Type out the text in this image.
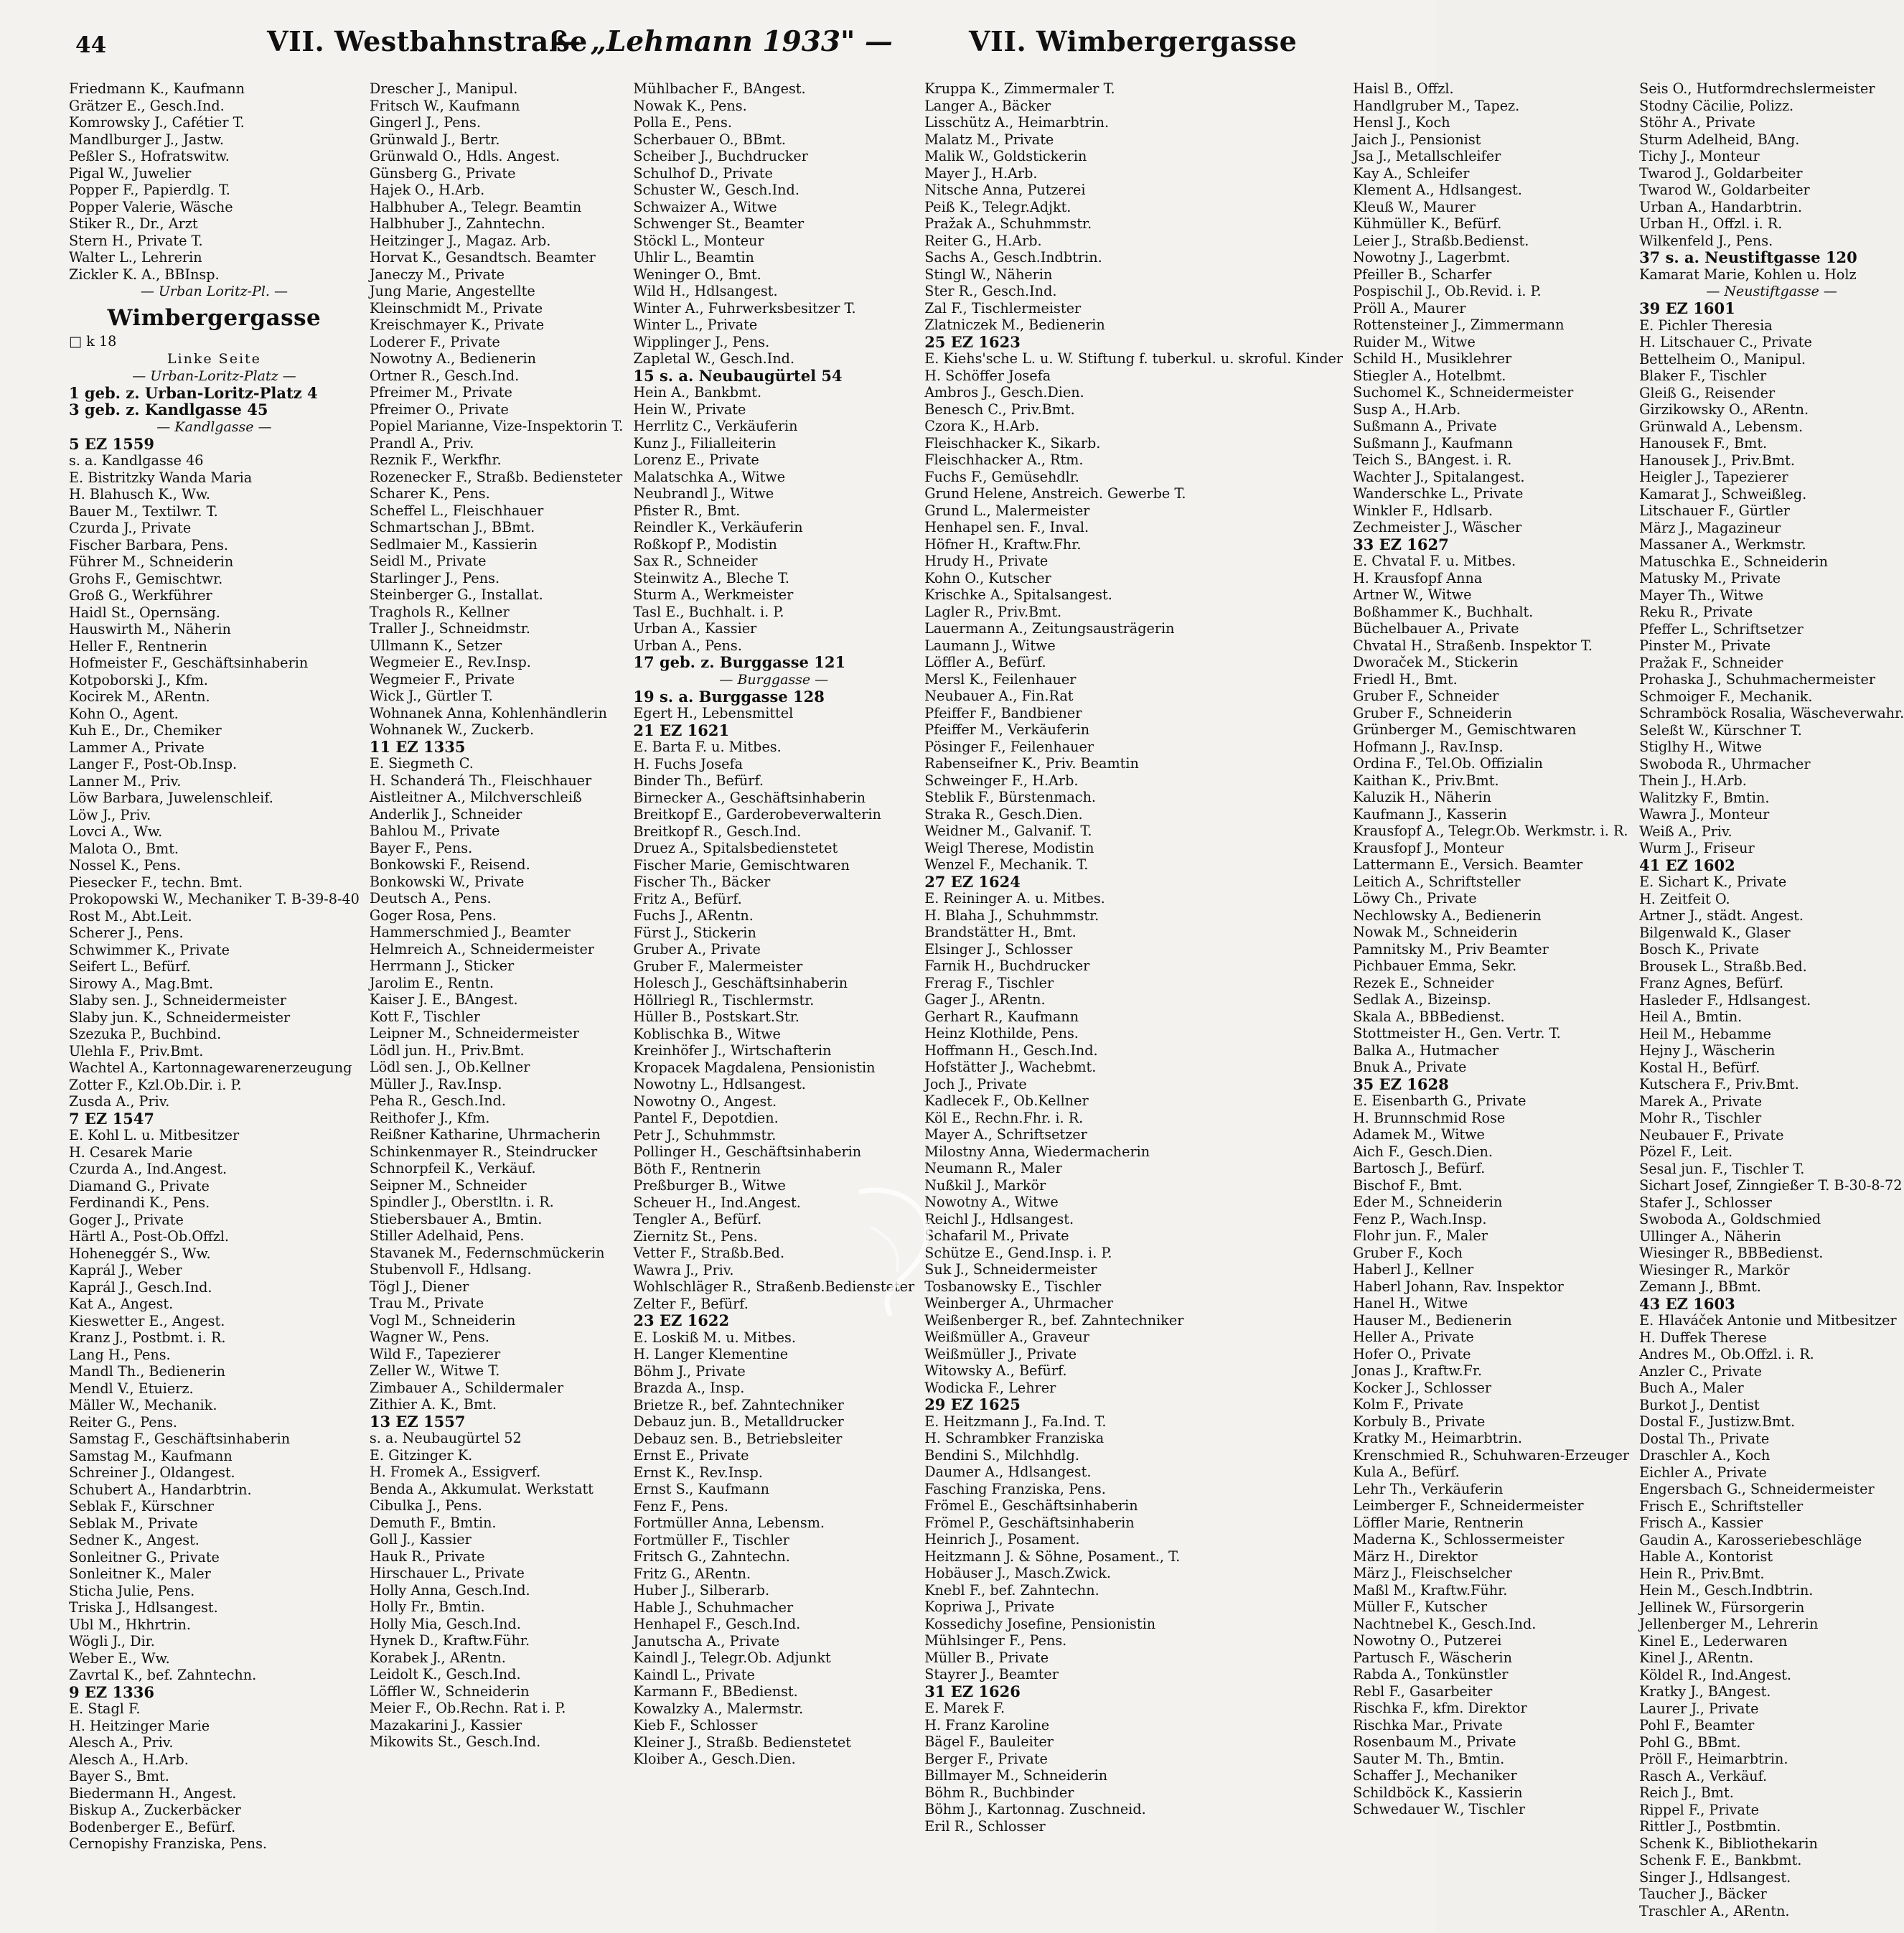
44	VII. Westbahnstraße
— „Lehmann 1933" —	VII. Wimbergergasse
Friedmann K., Kaufmann
Grätzer E., Gesch.Ind.
Komrowsky J., Cafétier T.
Mandlburger J., Jastw.
Peßler S., Hofratswitw.
Pigal W., Juwelier
Popper F., Papierdlg. T.
Popper Valerie, Wäsche
Stiker R., Dr., Arzt
Stern H., Private T.
Walter L., Lehrerin
Zickler K. A., BBInsp.
— Urban Loritz-Pl. —
Wimbergergasse
□ k 18
Linke Seite
— Urban-Loritz-Platz —
1 geb. z. Urban-Loritz-Platz 4
3 geb. z. Kandlgasse 45
— Kandlgasse —
5 EZ 1559
s. a. Kandlgasse 46
E. Bistritzky Wanda Maria
H. Blahusch K., Ww.
Bauer M., Textilwr. T.
Czurda J., Private
Fischer Barbara, Pens.
Führer M., Schneiderin
Grohs F., Gemischtwr.
Groß G., Werkführer
Haidl St., Opernsäng.
Hauswirth M., Näherin
Heller F., Rentnerin
Hofmeister F., Geschäftsinhaberin
Kotpoborski J., Kfm.
Kocirek M., ARentn.
Kohn O., Agent.
Kuh E., Dr., Chemiker
Lammer A., Private
Langer F., Post-Ob.Insp.
Lanner M., Priv.
Löw Barbara, Juwelenschleif.
Löw J., Priv.
Lovci A., Ww.
Malota O., Bmt.
Nossel K., Pens.
Piesecker F., techn. Bmt.
Prokopowski W., Mechaniker T. B-39-8-40
Rost M., Abt.Leit.
Scherer J., Pens.
Schwimmer K., Private
Seifert L., Befürf.
Sirowy A., Mag.Bmt.
Slaby sen. J., Schneidermeister
Slaby jun. K., Schneidermeister
Szezuka P., Buchbind.
Ulehla F., Priv.Bmt.
Wachtel A., Kartonnagewarenerzeugung
Zotter F., Kzl.Ob.Dir. i. P.
Zusda A., Priv.
7 EZ 1547
E. Kohl L. u. Mitbesitzer
H. Cesarek Marie
Czurda A., Ind.Angest.
Diamand G., Private
Ferdinandi K., Pens.
Goger J., Private
Härtl A., Post-Ob.Offzl.
Hoheneggér S., Ww.
Kaprál J., Weber
Kaprál J., Gesch.Ind.
Kat A., Angest.
Kieswetter E., Angest.
Kranz J., Postbmt. i. R.
Lang H., Pens.
Mandl Th., Bedienerin
Mendl V., Etuierz.
Mäller W., Mechanik.
Reiter G., Pens.
Samstag F., Geschäftsinhaberin
Samstag M., Kaufmann
Schreiner J., Oldangest.
Schubert A., Handarbtrin.
Seblak F., Kürschner
Seblak M., Private
Sedner K., Angest.
Sonleitner G., Private
Sonleitner K., Maler
Sticha Julie, Pens.
Triska J., Hdlsangest.
Ubl M., Hkhrtrin.
Wögli J., Dir.
Weber E., Ww.
Zavrtal K., bef. Zahntechn.
9 EZ 1336
E. Stagl F.
H. Heitzinger Marie
Alesch A., Priv.
Alesch A., H.Arb.
Bayer S., Bmt.
Biedermann H., Angest.
Biskup A., Zuckerbäcker
Bodenberger E., Befürf.
Cernopishy Franziska, Pens.
Drescher J., Manipul.
Fritsch W., Kaufmann
Gingerl J., Pens.
Grünwald J., Bertr.
Grünwald O., Hdls. Angest.
Günsberg G., Private
Hajek O., H.Arb.
Halbhuber A., Telegr. Beamtin
Halbhuber J., Zahntechn.
Heitzinger J., Magaz. Arb.
Horvat K., Gesandtsch. Beamter
Janeczy M., Private
Jung Marie, Angestellte
Kleinschmidt M., Private
Kreischmayer K., Private
Loderer F., Private
Nowotny A., Bedienerin
Ortner R., Gesch.Ind.
Pfreimer M., Private
Pfreimer O., Private
Popiel Marianne, Vize-Inspektorin T.
Prandl A., Priv.
Reznik F., Werkfhr.
Rozenecker F., Straßb. Bediensteter
Scharer K., Pens.
Scheffel L., Fleischhauer
Schmartschan J., BBmt.
Sedlmaier M., Kassierin
Seidl M., Private
Starlinger J., Pens.
Steinberger G., Installat.
Traghols R., Kellner
Traller J., Schneidmstr.
Ullmann K., Setzer
Wegmeier E., Rev.Insp.
Wegmeier F., Private
Wick J., Gürtler T.
Wohnanek Anna, Kohlenhändlerin
Wohnanek W., Zuckerb.
11 EZ 1335
E. Siegmeth C.
H. Schanderá Th., Fleischhauer
Aistleitner A., Milchverschleiß
Anderlik J., Schneider
Bahlou M., Private
Bayer F., Pens.
Bonkowski F., Reisend.
Bonkowski W., Private
Deutsch A., Pens.
Goger Rosa, Pens.
Hammerschmied J., Beamter
Helmreich A., Schneidermeister
Herrmann J., Sticker
Jarolim E., Rentn.
Kaiser J. E., BAngest.
Kott F., Tischler
Leipner M., Schneidermeister
Lödl jun. H., Priv.Bmt.
Lödl sen. J., Ob.Kellner
Müller J., Rav.Insp.
Peha R., Gesch.Ind.
Reithofer J., Kfm.
Reißner Katharine, Uhrmacherin
Schinkenmayer R., Steindrucker
Schnorpfeil K., Verkäuf.
Seipner M., Schneider
Spindler J., Oberstltn. i. R.
Stiebersbauer A., Bmtin.
Stiller Adelhaid, Pens.
Stavanek M., Federnschmückerin
Stubenvoll F., Hdlsang.
Tögl J., Diener
Trau M., Private
Vogl M., Schneiderin
Wagner W., Pens.
Wild F., Tapezierer
Zeller W., Witwe T.
Zimbauer A., Schildermaler
Zithier A. K., Bmt.
13 EZ 1557
s. a. Neubaugürtel 52
E. Gitzinger K.
H. Fromek A., Essigverf.
Benda A., Akkumulat. Werkstatt
Cibulka J., Pens.
Demuth F., Bmtin.
Goll J., Kassier
Hauk R., Private
Hirschauer L., Private
Holly Anna, Gesch.Ind.
Holly Fr., Bmtin.
Holly Mia, Gesch.Ind.
Hynek D., Kraftw.Führ.
Korabek J., ARentn.
Leidolt K., Gesch.Ind.
Löffler W., Schneiderin
Meier F., Ob.Rechn. Rat i. P.
Mazakarini J., Kassier
Mikowits St., Gesch.Ind.
Mühlbacher F., BAngest.
Nowak K., Pens.
Polla E., Pens.
Scherbauer O., BBmt.
Scheiber J., Buchdrucker
Schulhof D., Private
Schuster W., Gesch.Ind.
Schwaizer A., Witwe
Schwenger St., Beamter
Stöckl L., Monteur
Uhlir L., Beamtin
Weninger O., Bmt.
Wild H., Hdlsangest.
Winter A., Fuhrwerksbesitzer T.
Winter L., Private
Wipplinger J., Pens.
Zapletal W., Gesch.Ind.
15 s. a. Neubaugürtel 54
Hein A., Bankbmt.
Hein W., Private
Herrlitz C., Verkäuferin
Kunz J., Filialleiterin
Lorenz E., Private
Malatschka A., Witwe
Neubrandl J., Witwe
Pfister R., Bmt.
Reindler K., Verkäuferin
Roßkopf P., Modistin
Sax R., Schneider
Steinwitz A., Bleche T.
Sturm A., Werkmeister
Tasl E., Buchhalt. i. P.
Urban A., Kassier
Urban A., Pens.
17 geb. z. Burggasse 121
— Burggasse —
19 s. a. Burggasse 128
Egert H., Lebensmittel
21 EZ 1621
E. Barta F. u. Mitbes.
H. Fuchs Josefa
Binder Th., Befürf.
Birnecker A., Geschäftsinhaberin
Breitkopf E., Garderobeverwalterin
Breitkopf R., Gesch.Ind.
Druez A., Spitalsbedienstetet
Fischer Marie, Gemischtwaren
Fischer Th., Bäcker
Fritz A., Befürf.
Fuchs J., ARentn.
Fürst J., Stickerin
Gruber A., Private
Gruber F., Malermeister
Holesch J., Geschäftsinhaberin
Höllriegl R., Tischlermstr.
Hüller B., Postskart.Str.
Koblischka B., Witwe
Kreinhöfer J., Wirtschafterin
Kropacek Magdalena, Pensionistin
Nowotny L., Hdlsangest.
Nowotny O., Angest.
Pantel F., Depotdien.
Petr J., Schuhmmstr.
Pollinger H., Geschäftsinhaberin
Böth F., Rentnerin
Preßburger B., Witwe
Scheuer H., Ind.Angest.
Tengler A., Befürf.
Ziernitz St., Pens.
Vetter F., Straßb.Bed.
Wawra J., Priv.
Wohlschläger R., Straßenb.Bediensteter
Zelter F., Befürf.
23 EZ 1622
E. Loskiß M. u. Mitbes.
H. Langer Klementine
Böhm J., Private
Brazda A., Insp.
Brietze R., bef. Zahntechniker
Debauz jun. B., Metalldrucker
Debauz sen. B., Betriebsleiter
Ernst E., Private
Ernst K., Rev.Insp.
Ernst S., Kaufmann
Fenz F., Pens.
Fortmüller Anna, Lebensm.
Fortmüller F., Tischler
Fritsch G., Zahntechn.
Fritz G., ARentn.
Huber J., Silberarb.
Hable J., Schuhmacher
Henhapel F., Gesch.Ind.
Janutscha A., Private
Kaindl J., Telegr.Ob. Adjunkt
Kaindl L., Private
Karmann F., BBedienst.
Kowalzky A., Malermstr.
Kieb F., Schlosser
Kleiner J., Straßb. Bedienstetet
Kloiber A., Gesch.Dien.
Kruppa K., Zimmermaler T.
Langer A., Bäcker
Lisschütz A., Heimarbtrin.
Malatz M., Private
Malik W., Goldstickerin
Mayer J., H.Arb.
Nitsche Anna, Putzerei
Peiß K., Telegr.Adjkt.
Pražak A., Schuhmmstr.
Reiter G., H.Arb.
Sachs A., Gesch.Indbtrin.
Stingl W., Näherin
Ster R., Gesch.Ind.
Zal F., Tischlermeister
Zlatniczek M., Bedienerin
25 EZ 1623
E. Kiehs'sche L. u. W. Stiftung f. tuberkul. u. skroful. Kinder
H. Schöffer Josefa
Ambros J., Gesch.Dien.
Benesch C., Priv.Bmt.
Czora K., H.Arb.
Fleischhacker K., Sikarb.
Fleischhacker A., Rtm.
Fuchs F., Gemüsehdlr.
Grund Helene, Anstreich. Gewerbe T.
Grund L., Malermeister
Henhapel sen. F., Inval.
Höfner H., Kraftw.Fhr.
Hrudy H., Private
Kohn O., Kutscher
Krischke A., Spitalsangest.
Lagler R., Priv.Bmt.
Lauermann A., Zeitungsausträgerin
Laumann J., Witwe
Löffler A., Befürf.
Mersl K., Feilenhauer
Neubauer A., Fin.Rat
Pfeiffer F., Bandbiener
Pfeiffer M., Verkäuferin
Pösinger F., Feilenhauer
Rabenseifner K., Priv. Beamtin
Schweinger F., H.Arb.
Steblik F., Bürstenmach.
Straka R., Gesch.Dien.
Weidner M., Galvanif. T.
Weigl Therese, Modistin
Wenzel F., Mechanik. T.
27 EZ 1624
E. Reininger A. u. Mitbes.
H. Blaha J., Schuhmmstr.
Brandstätter H., Bmt.
Elsinger J., Schlosser
Farnik H., Buchdrucker
Frerag F., Tischler
Gager J., ARentn.
Gerhart R., Kaufmann
Heinz Klothilde, Pens.
Hoffmann H., Gesch.Ind.
Hofstätter J., Wachebmt.
Joch J., Private
Kadlecek F., Ob.Kellner
Köl E., Rechn.Fhr. i. R.
Mayer A., Schriftsetzer
Milostny Anna, Wiedermacherin
Neumann R., Maler
Nußkil J., Markör
Nowotny A., Witwe
Reichl J., Hdlsangest.
Schafaril M., Private
Schütze E., Gend.Insp. i. P.
Suk J., Schneidermeister
Tosbanowsky E., Tischler
Weinberger A., Uhrmacher
Weißenberger R., bef. Zahntechniker
Weißmüller A., Graveur
Weißmüller J., Private
Witowsky A., Befürf.
Wodicka F., Lehrer
29 EZ 1625
E. Heitzmann J., Fa.Ind. T.
H. Schrambker Franziska
Bendini S., Milchhdlg.
Daumer A., Hdlsangest.
Fasching Franziska, Pens.
Frömel E., Geschäftsinhaberin
Frömel P., Geschäftsinhaberin
Heinrich J., Posament.
Heitzmann J. & Söhne, Posament., T.
Hobäuser J., Masch.Zwick.
Knebl F., bef. Zahntechn.
Kopriwa J., Private
Kossedichy Josefine, Pensionistin
Mühlsinger F., Pens.
Müller B., Private
Stayrer J., Beamter
31 EZ 1626
E. Marek F.
H. Franz Karoline
Bägel F., Bauleiter
Berger F., Private
Billmayer M., Schneiderin
Böhm R., Buchbinder
Böhm J., Kartonnag. Zuschneid.
Eril R., Schlosser
Haisl B., Offzl.
Handlgruber M., Tapez.
Hensl J., Koch
Jaich J., Pensionist
Jsa J., Metallschleifer
Kay A., Schleifer
Klement A., Hdlsangest.
Kleuß W., Maurer
Kühmüller K., Befürf.
Leier J., Straßb.Bedienst.
Nowotny J., Lagerbmt.
Pfeiller B., Scharfer
Pospischil J., Ob.Revid. i. P.
Pröll A., Maurer
Rottensteiner J., Zimmermann
Ruider M., Witwe
Schild H., Musiklehrer
Stiegler A., Hotelbmt.
Suchomel K., Schneidermeister
Susp A., H.Arb.
Sußmann A., Private
Sußmann J., Kaufmann
Teich S., BAngest. i. R.
Wachter J., Spitalangest.
Wanderschke L., Private
Winkler F., Hdlsarb.
Zechmeister J., Wäscher
33 EZ 1627
E. Chvatal F. u. Mitbes.
H. Krausfopf Anna
Artner W., Witwe
Boßhammer K., Buchhalt.
Büchelbauer A., Private
Chvatal H., Straßenb. Inspektor T.
Dworaček M., Stickerin
Friedl H., Bmt.
Gruber F., Schneider
Gruber F., Schneiderin
Grünberger M., Gemischtwaren
Hofmann J., Rav.Insp.
Ordina F., Tel.Ob. Offizialin
Kaithan K., Priv.Bmt.
Kaluzik H., Näherin
Kaufmann J., Kasserin
Krausfopf A., Telegr.Ob. Werkmstr. i. R.
Krausfopf J., Monteur
Lattermann E., Versich. Beamter
Leitich A., Schriftsteller
Löwy Ch., Private
Nechlowsky A., Bedienerin
Nowak M., Schneiderin
Pamnitsky M., Priv Beamter
Pichbauer Emma, Sekr.
Rezek E., Schneider
Sedlak A., Bizeinsp.
Skala A., BBBedienst.
Stottmeister H., Gen. Vertr. T.
Balka A., Hutmacher
Bnuk A., Private
35 EZ 1628
E. Eisenbarth G., Private
H. Brunnschmid Rose
Adamek M., Witwe
Aich F., Gesch.Dien.
Bartosch J., Befürf.
Bischof F., Bmt.
Eder M., Schneiderin
Fenz P., Wach.Insp.
Flohr jun. F., Maler
Gruber F., Koch
Haberl J., Kellner
Haberl Johann, Rav. Inspektor
Hanel H., Witwe
Hauser M., Bedienerin
Heller A., Private
Hofer O., Private
Jonas J., Kraftw.Fr.
Kocker J., Schlosser
Kolm F., Private
Korbuly B., Private
Kratky M., Heimarbtrin.
Krenschmied R., Schuhwaren-Erzeuger
Kula A., Befürf.
Lehr Th., Verkäuferin
Leimberger F., Schneidermeister
Löffler Marie, Rentnerin
Maderna K., Schlossermeister
März H., Direktor
März J., Fleischselcher
Maßl M., Kraftw.Führ.
Müller F., Kutscher
Nachtnebel K., Gesch.Ind.
Nowotny O., Putzerei
Partusch F., Wäscherin
Rabda A., Tonkünstler
Rebl F., Gasarbeiter
Rischka F., kfm. Direktor
Rischka Mar., Private
Rosenbaum M., Private
Sauter M. Th., Bmtin.
Schaffer J., Mechaniker
Schildböck K., Kassierin
Schwedauer W., Tischler
Seis O., Hutformdrechslermeister
Stodny Cäcilie, Polizz.
Stöhr A., Private
Sturm Adelheid, BAng.
Tichy J., Monteur
Twarod J., Goldarbeiter
Twarod W., Goldarbeiter
Urban A., Handarbtrin.
Urban H., Offzl. i. R.
Wilkenfeld J., Pens.
37 s. a. Neustiftgasse 120
Kamarat Marie, Kohlen u. Holz
— Neustiftgasse —
39 EZ 1601
E. Pichler Theresia
H. Litschauer C., Private
Bettelheim O., Manipul.
Blaker F., Tischler
Gleiß G., Reisender
Girzikowsky O., ARentn.
Grünwald A., Lebensm.
Hanousek F., Bmt.
Hanousek J., Priv.Bmt.
Heigler J., Tapezierer
Kamarat J., Schweißleg.
Litschauer F., Gürtler
März J., Magazineur
Massaner A., Werkmstr.
Matuschka E., Schneiderin
Matusky M., Private
Mayer Th., Witwe
Reku R., Private
Pfeffer L., Schriftsetzer
Pinster M., Private
Pražak F., Schneider
Prohaska J., Schuhmachermeister
Schmoiger F., Mechanik.
Schramböck Rosalia, Wäscheverwahr.
Seleßt W., Kürschner T.
Stiglhy H., Witwe
Swoboda R., Uhrmacher
Thein J., H.Arb.
Walitzky F., Bmtin.
Wawra J., Monteur
Weiß A., Priv.
Wurm J., Friseur
41 EZ 1602
E. Sichart K., Private
H. Zeitfeit O.
Artner J., städt. Angest.
Bilgenwald K., Glaser
Bosch K., Private
Brousek L., Straßb.Bed.
Franz Agnes, Befürf.
Hasleder F., Hdlsangest.
Heil A., Bmtin.
Heil M., Hebamme
Hejny J., Wäscherin
Kostal H., Befürf.
Kutschera F., Priv.Bmt.
Marek A., Private
Mohr R., Tischler
Neubauer F., Private
Pözel F., Leit.
Sesal jun. F., Tischler T.
Sichart Josef, Zinngießer T. B-30-8-72
Stafer J., Schlosser
Swoboda A., Goldschmied
Ullinger A., Näherin
Wiesinger R., BBBedienst.
Wiesinger R., Markör
Zemann J., BBmt.
43 EZ 1603
E. Hlaváček Antonie und Mitbesitzer
H. Duffek Therese
Andres M., Ob.Offzl. i. R.
Anzler C., Private
Buch A., Maler
Burkot J., Dentist
Dostal F., Justizw.Bmt.
Dostal Th., Private
Draschler A., Koch
Eichler A., Private
Engersbach G., Schneidermeister
Frisch E., Schriftsteller
Frisch A., Kassier
Gaudin A., Karosseriebeschläge
Hable A., Kontorist
Hein R., Priv.Bmt.
Hein M., Gesch.Indbtrin.
Jellinek W., Fürsorgerin
Jellenberger M., Lehrerin
Kinel E., Lederwaren
Kinel J., ARentn.
Köldel R., Ind.Angest.
Kratky J., BAngest.
Laurer J., Private
Pohl F., Beamter
Pohl G., BBmt.
Pröll F., Heimarbtrin.
Rasch A., Verkäuf.
Reich J., Bmt.
Rippel F., Private
Rittler J., Postbmtin.
Schenk K., Bibliothekarin
Schenk F. E., Bankbmt.
Singer J., Hdlsangest.
Taucher J., Bäcker
Traschler A., ARentn.
